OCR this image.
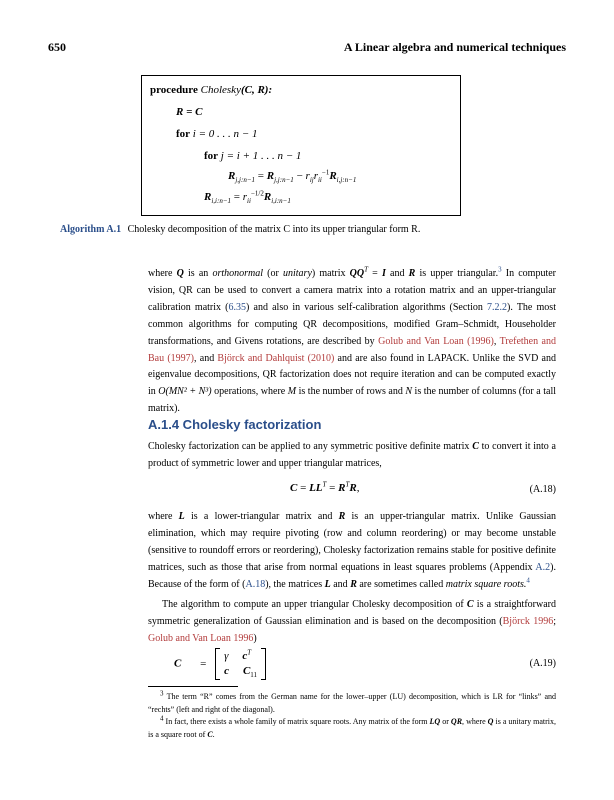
650	A Linear algebra and numerical techniques
procedure Cholesky(C, R):
R = C
for i = 0 . . . n − 1
for j = i + 1 . . . n − 1
$R_{j,j:n-1} = R_{j,j:n-1} - r_{ij}r_{ii}^{-1}R_{i,j:n-1}$
$R_{i,i:n-1} = r_{ii}^{-1/2}R_{i,i:n-1}$
Algorithm A.1 Cholesky decomposition of the matrix C into its upper triangular form R.
where Q is an orthonormal (or unitary) matrix $QQ^T = I$ and R is upper triangular.$^3$ In computer vision, QR can be used to convert a camera matrix into a rotation matrix and an upper-triangular calibration matrix (6.35) and also in various self-calibration algorithms (Section 7.2.2). The most common algorithms for computing QR decompositions, modified Gram–Schmidt, Householder transformations, and Givens rotations, are described by Golub and Van Loan (1996), Trefethen and Bau (1997), and Björck and Dahlquist (2010) and are also found in LAPACK. Unlike the SVD and eigenvalue decompositions, QR factorization does not require iteration and can be computed exactly in O(MN² + N³) operations, where M is the number of rows and N is the number of columns (for a tall matrix).
A.1.4 Cholesky factorization
Cholesky factorization can be applied to any symmetric positive definite matrix C to convert it into a product of symmetric lower and upper triangular matrices,
$C = LL^T = R^TR$,	(A.18)
where L is a lower-triangular matrix and R is an upper-triangular matrix. Unlike Gaussian elimination, which may require pivoting (row and column reordering) or may become unstable (sensitive to roundoff errors or reordering), Cholesky factorization remains stable for positive definite matrices, such as those that arise from normal equations in least squares problems (Appendix A.2). Because of the form of (A.18), the matrices L and R are sometimes called matrix square roots.$^4$
The algorithm to compute an upper triangular Cholesky decomposition of C is a straightforward symmetric generalization of Gaussian elimination and is based on the decomposition (Björck 1996; Golub and Van Loan 1996)
C =
γ $c^T$
c $C_{11}$
(A.19)
$^3$ The term “R” comes from the German name for the lower–upper (LU) decomposition, which is LR for “links” and “rechts” (left and right of the diagonal).
$^4$ In fact, there exists a whole family of matrix square roots. Any matrix of the form LQ or QR, where Q is a unitary matrix, is a square root of C.
